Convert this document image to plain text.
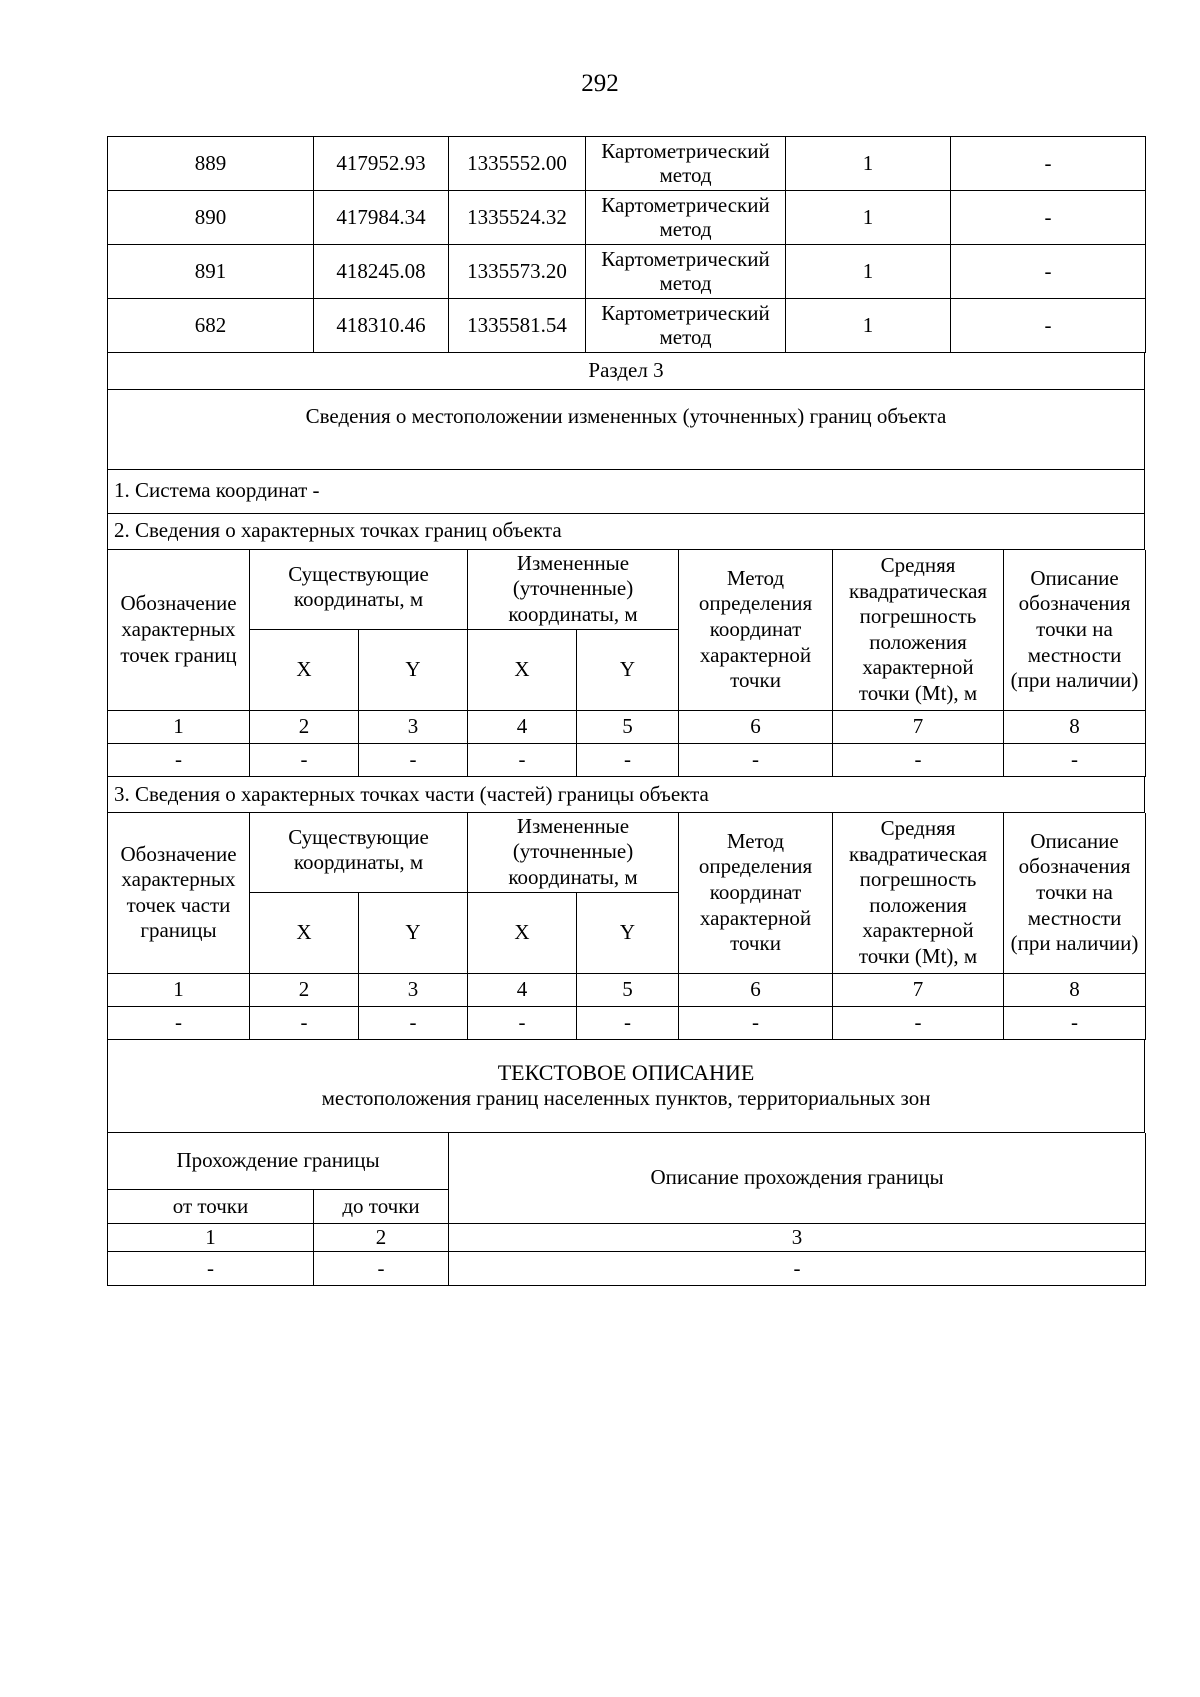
292
889	417952.93	1335552.00	Картометрический метод	1	-
890	417984.34	1335524.32	Картометрический метод	1	-
891	418245.08	1335573.20	Картометрический метод	1	-
682	418310.46	1335581.54	Картометрический метод	1	-
Раздел 3
Сведения о местоположении измененных (уточненных) границ объекта
1. Система координат -
2. Сведения о характерных точках границ объекта
Обозначение характерных точек границ	Существующие координаты, м		Измененные (уточненные) координаты, м		Метод определения координат характерной точки	Средняя квадратическая погрешность положения характерной точки (Mt), м	Описание обозначения точки на местности (при наличии)
	X	Y	X	Y			
1	2	3	4	5	6	7	8
-	-	-	-	-	-	-	-
3. Сведения о характерных точках части (частей) границы объекта
Обозначение характерных точек части границы	Существующие координаты, м		Измененные (уточненные) координаты, м		Метод определения координат характерной точки	Средняя квадратическая погрешность положения характерной точки (Mt), м	Описание обозначения точки на местности (при наличии)
	X	Y	X	Y			
1	2	3	4	5	6	7	8
-	-	-	-	-	-	-	-
ТЕКСТОВОЕ ОПИСАНИЕ
местоположения границ населенных пунктов, территориальных зон
Прохождение границы		Описание прохождения границы
от точки	до точки	
1	2	3
-	-	-
